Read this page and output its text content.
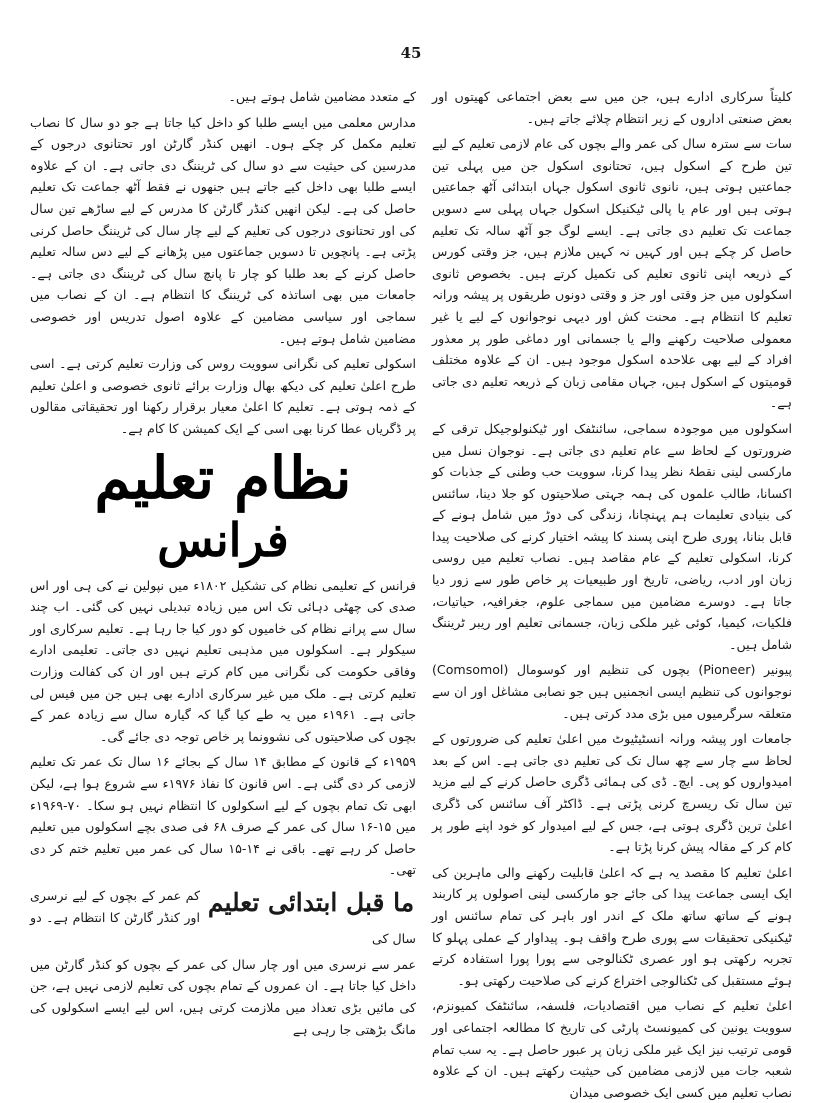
45

کلیتاً سرکاری ادارے ہیں، جن میں سے بعض اجتماعی کھیتوں اور بعض صنعتی اداروں کے زیر انتظام چلائے جاتے ہیں۔

سات سے سترہ سال کی عمر والے بچوں کی عام لازمی تعلیم کے لیے تین طرح کے اسکول ہیں، تحتانوی اسکول جن میں پہلی تین جماعتیں ہوتی ہیں، نانوی ثانوی اسکول جہاں ابتدائی آٹھ جماعتیں ہوتی ہیں اور عام یا پالی ٹیکنیکل اسکول جہاں پہلی سے دسویں جماعت تک تعلیم دی جاتی ہے۔ ایسے لوگ جو آٹھ سالہ تک تعلیم حاصل کر چکے ہیں اور کہیں نہ کہیں ملازم ہیں، جز وقتی کورس کے ذریعہ اپنی ثانوی تعلیم کی تکمیل کرتے ہیں۔ بخصوص ثانوی اسکولوں میں جز وقتی اور جز و وقتی دونوں طریقوں پر پیشہ ورانہ تعلیم کا انتظام ہے۔ محنت کش اور دیہی نوجوانوں کے لیے یا غیر معمولی صلاحیت رکھنے والے یا جسمانی اور دماغی طور پر معذور افراد کے لیے بھی علاحدہ اسکول موجود ہیں۔ ان کے علاوہ مختلف قومیتوں کے اسکول ہیں، جہاں مقامی زبان کے ذریعہ تعلیم دی جاتی ہے۔

اسکولوں میں موجودہ سماجی، سائنٹفک اور ٹیکنولوجیکل ترقی کے ضرورتوں کے لحاظ سے عام تعلیم دی جاتی ہے۔ نوجوان نسل میں مارکسی لینی نقطۂ نظر پیدا کرنا، سوویت حب وطنی کے جذبات کو اکسانا، طالب علموں کی ہمہ جہتی صلاحیتوں کو جلا دینا، سائنس کی بنیادی تعلیمات ہم پہنچانا، زندگی کی دوڑ میں شامل ہونے کے قابل بنانا، پوری طرح اپنی پسند کا پیشہ اختیار کرنے کی صلاحیت پیدا کرنا، اسکولی تعلیم کے عام مقاصد ہیں۔ نصاب تعلیم میں روسی زبان اور ادب، ریاضی، تاریخ اور طبیعیات پر خاص طور سے زور دیا جاتا ہے۔ دوسرے مضامین میں سماجی علوم، جغرافیہ، حیاتیات، فلکیات، کیمیا، کوئی غیر ملکی زبان، جسمانی تعلیم اور ریبر ٹریننگ شامل ہیں۔

پیونیر (Pioneer) بچوں کی تنظیم اور کوسومال (Comsomol) نوجوانوں کی تنظیم ایسی انجمنیں ہیں جو نصابی مشاغل اور ان سے متعلقہ سرگرمیوں میں بڑی مدد کرتی ہیں۔

جامعات اور پیشہ ورانہ انسٹیٹیوٹ میں اعلیٰ تعلیم کی ضرورتوں کے لحاظ سے چار سے چھ سال تک کی تعلیم دی جاتی ہے۔ اس کے بعد امیدواروں کو پی۔ ایچ۔ ڈی کی ہمائی ڈگری حاصل کرنے کے لیے مزید تین سال تک ریسرچ کرنی پڑتی ہے۔ ڈاکٹر آف سائنس کی ڈگری اعلیٰ ترین ڈگری ہوتی ہے، جس کے لیے امیدوار کو خود اپنے طور پر کام کر کے مقالہ پیش کرنا پڑتا ہے۔

اعلیٰ تعلیم کا مقصد یہ ہے کہ اعلیٰ قابلیت رکھنے والی ماہرین کی ایک ایسی جماعت پیدا کی جائے جو مارکسی لینی اصولوں پر کاربند ہونے کے ساتھ ساتھ ملک کے اندر اور باہر کی تمام سائنس اور ٹیکنیکی تحقیقات سے پوری طرح واقف ہو۔ پیداوار کے عملی پہلو کا تجربہ رکھتی ہو اور عصری ٹکنالوجی سے پورا پورا استفادہ کرتے ہوئے مستقبل کی ٹکنالوجی اختراع کرنے کی صلاحیت رکھتی ہو۔

اعلیٰ تعلیم کے نصاب میں اقتصادیات، فلسفہ، سائنٹفک کمیونزم، سوویت یونین کی کمیونسٹ پارٹی کی تاریخ کا مطالعہ اجتماعی اور قومی ترتیب نیز ایک غیر ملکی زبان پر عبور حاصل ہے۔ یہ سب تمام شعبہ جات میں لازمی مضامین کی حیثیت رکھتے ہیں۔ ان کے علاوہ نصاب تعلیم میں کسی ایک خصوصی میدان

کے متعدد مضامین شامل ہوتے ہیں۔

مدارس معلمی میں ایسے طلبا کو داخل کیا جاتا ہے جو دو سال کا نصاب تعلیم مکمل کر چکے ہوں۔ انھیں کنڈر گارٹن اور تحتانوی درجوں کے مدرسین کی حیثیت سے دو سال کی ٹریننگ دی جاتی ہے۔ ان کے علاوہ ایسے طلبا بھی داخل کیے جاتے ہیں جنھوں نے فقط آٹھ جماعت تک تعلیم حاصل کی ہے۔ لیکن انھیں کنڈر گارٹن کا مدرس کے لیے ساڑھے تین سال کی اور تحتانوی درجوں کی تعلیم کے لیے چار سال کی ٹریننگ حاصل کرنی پڑتی ہے۔ پانچویں تا دسویں جماعتوں میں پڑھانے کے لیے دس سالہ تعلیم حاصل کرنے کے بعد طلبا کو چار تا پانچ سال کی ٹریننگ دی جاتی ہے۔ جامعات میں بھی اساتذہ کی ٹریننگ کا انتظام ہے۔ ان کے نصاب میں سماجی اور سیاسی مضامین کے علاوہ اصول تدریس اور خصوصی مضامین شامل ہوتے ہیں۔

اسکولی تعلیم کی نگرانی سوویت روس کی وزارت تعلیم کرتی ہے۔ اسی طرح اعلیٰ تعلیم کی دیکھ بھال وزارت برائے ثانوی خصوصی و اعلیٰ تعلیم کے ذمہ ہوتی ہے۔ تعلیم کا اعلیٰ معیار برقرار رکھنا اور تحقیقاتی مقالوں پر ڈگریاں عطا کرنا بھی اسی کے ایک کمیشن کا کام ہے۔

نظام تعلیم
فرانس

فرانس کے تعلیمی نظام کی تشکیل ۱۸۰۲ء میں نپولین نے کی ہی اور اس صدی کی چھٹی دہائی تک اس میں زیادہ تبدیلی نہیں کی گئی۔ اب چند سال سے پرانے نظام کی خامیوں کو دور کیا جا رہا ہے۔ تعلیم سرکاری اور سیکولر ہے۔ اسکولوں میں مذہبی تعلیم نہیں دی جاتی۔ تعلیمی ادارے وفاقی حکومت کی نگرانی میں کام کرتے ہیں اور ان کی کفالت وزارت تعلیم کرتی ہے۔ ملک میں غیر سرکاری ادارے بھی ہیں جن میں فیس لی جاتی ہے۔ ۱۹۶۱ء میں یہ طے کیا گیا کہ گیارہ سال سے زیادہ عمر کے بچوں کی صلاحیتوں کی نشوونما پر خاص توجہ دی جائے گی۔

۱۹۵۹ء کے قانون کے مطابق ۱۴ سال کے بجائے ۱۶ سال تک عمر تک تعلیم لازمی کر دی گئی ہے۔ اس قانون کا نفاذ ۱۹۷۶ء سے شروع ہوا ہے، لیکن ابھی تک تمام بچوں کے لیے اسکولوں کا انتظام نہیں ہو سکا۔ ۷۰-۱۹۶۹ء میں ۱۵-۱۶ سال کی عمر کے صرف ۶۸ فی صدی بچے اسکولوں میں تعلیم حاصل کر رہے تھے۔ باقی نے ۱۴-۱۵ سال کی عمر میں تعلیم ختم کر دی تھی۔

ما قبل ابتدائی تعلیم

کم عمر کے بچوں کے لیے نرسری اور کنڈر گارٹن کا انتظام ہے۔ دو سال کی

عمر سے نرسری میں اور چار سال کی عمر کے بچوں کو کنڈر گارٹن میں داخل کیا جاتا ہے۔ ان عمروں کے تمام بچوں کی تعلیم لازمی نہیں ہے، جن کی مائیں بڑی تعداد میں ملازمت کرتی ہیں، اس لیے ایسے اسکولوں کی مانگ بڑھتی جا رہی ہے
